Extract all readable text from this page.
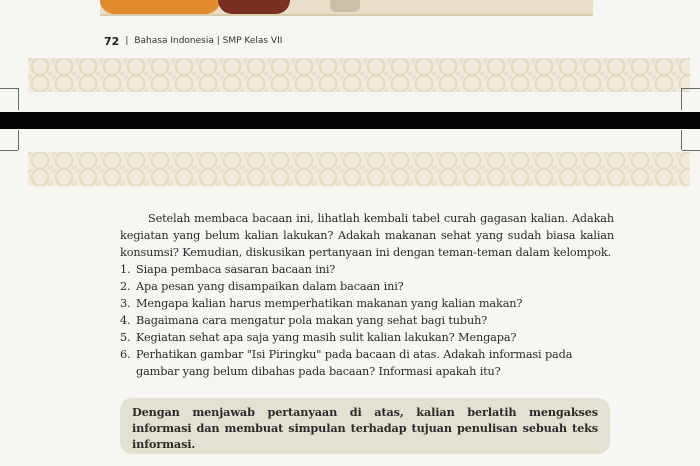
72 | Bahasa Indonesia | SMP Kelas VII

Setelah membaca bacaan ini, lihatlah kembali tabel curah gagasan kalian. Adakah kegiatan yang belum kalian lakukan? Adakah makanan sehat yang sudah biasa kalian konsumsi? Kemudian, diskusikan pertanyaan ini dengan teman-teman dalam kelompok.

1. Siapa pembaca sasaran bacaan ini?
2. Apa pesan yang disampaikan dalam bacaan ini?
3. Mengapa kalian harus memperhatikan makanan yang kalian makan?
4. Bagaimana cara mengatur pola makan yang sehat bagi tubuh?
5. Kegiatan sehat apa saja yang masih sulit kalian lakukan? Mengapa?
6. Perhatikan gambar "Isi Piringku" pada bacaan di atas. Adakah informasi pada gambar yang belum dibahas pada bacaan? Informasi apakah itu?
Dengan menjawab pertanyaan di atas, kalian berlatih mengakses informasi dan membuat simpulan terhadap tujuan penulisan sebuah teks informasi.
